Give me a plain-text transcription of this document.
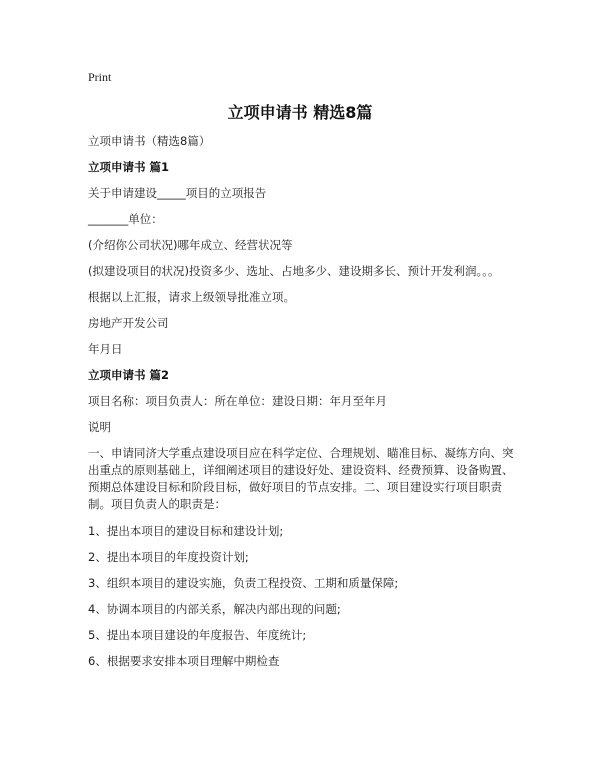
Print
立项申请书 精选8篇

立项申请书（精选8篇）

立项申请书 篇1

关于申请建设_____项目的立项报告

_______单位：

(介绍你公司状况)哪年成立、经营状况等

(拟建设项目的状况)投资多少、选址、占地多少、建设期多长、预计开发利润。。。

根据以上汇报，请求上级领导批准立项。

房地产开发公司

年月日

立项申请书 篇2

项目名称：项目负责人：所在单位：建设日期：年月至年月

说明

一、申请同济大学重点建设项目应在科学定位、合理规划、瞄准目标、凝练方向、突出重点的原则基础上，详细阐述项目的建设好处、建设资料、经费预算、设备购置、预期总体建设目标和阶段目标，做好项目的节点安排。二、项目建设实行项目职责制。项目负责人的职责是：

1、提出本项目的建设目标和建设计划;

2、提出本项目的年度投资计划;

3、组织本项目的建设实施，负责工程投资、工期和质量保障;

4、协调本项目的内部关系，解决内部出现的问题;

5、提出本项目建设的年度报告、年度统计;

6、根据要求安排本项目理解中期检查
